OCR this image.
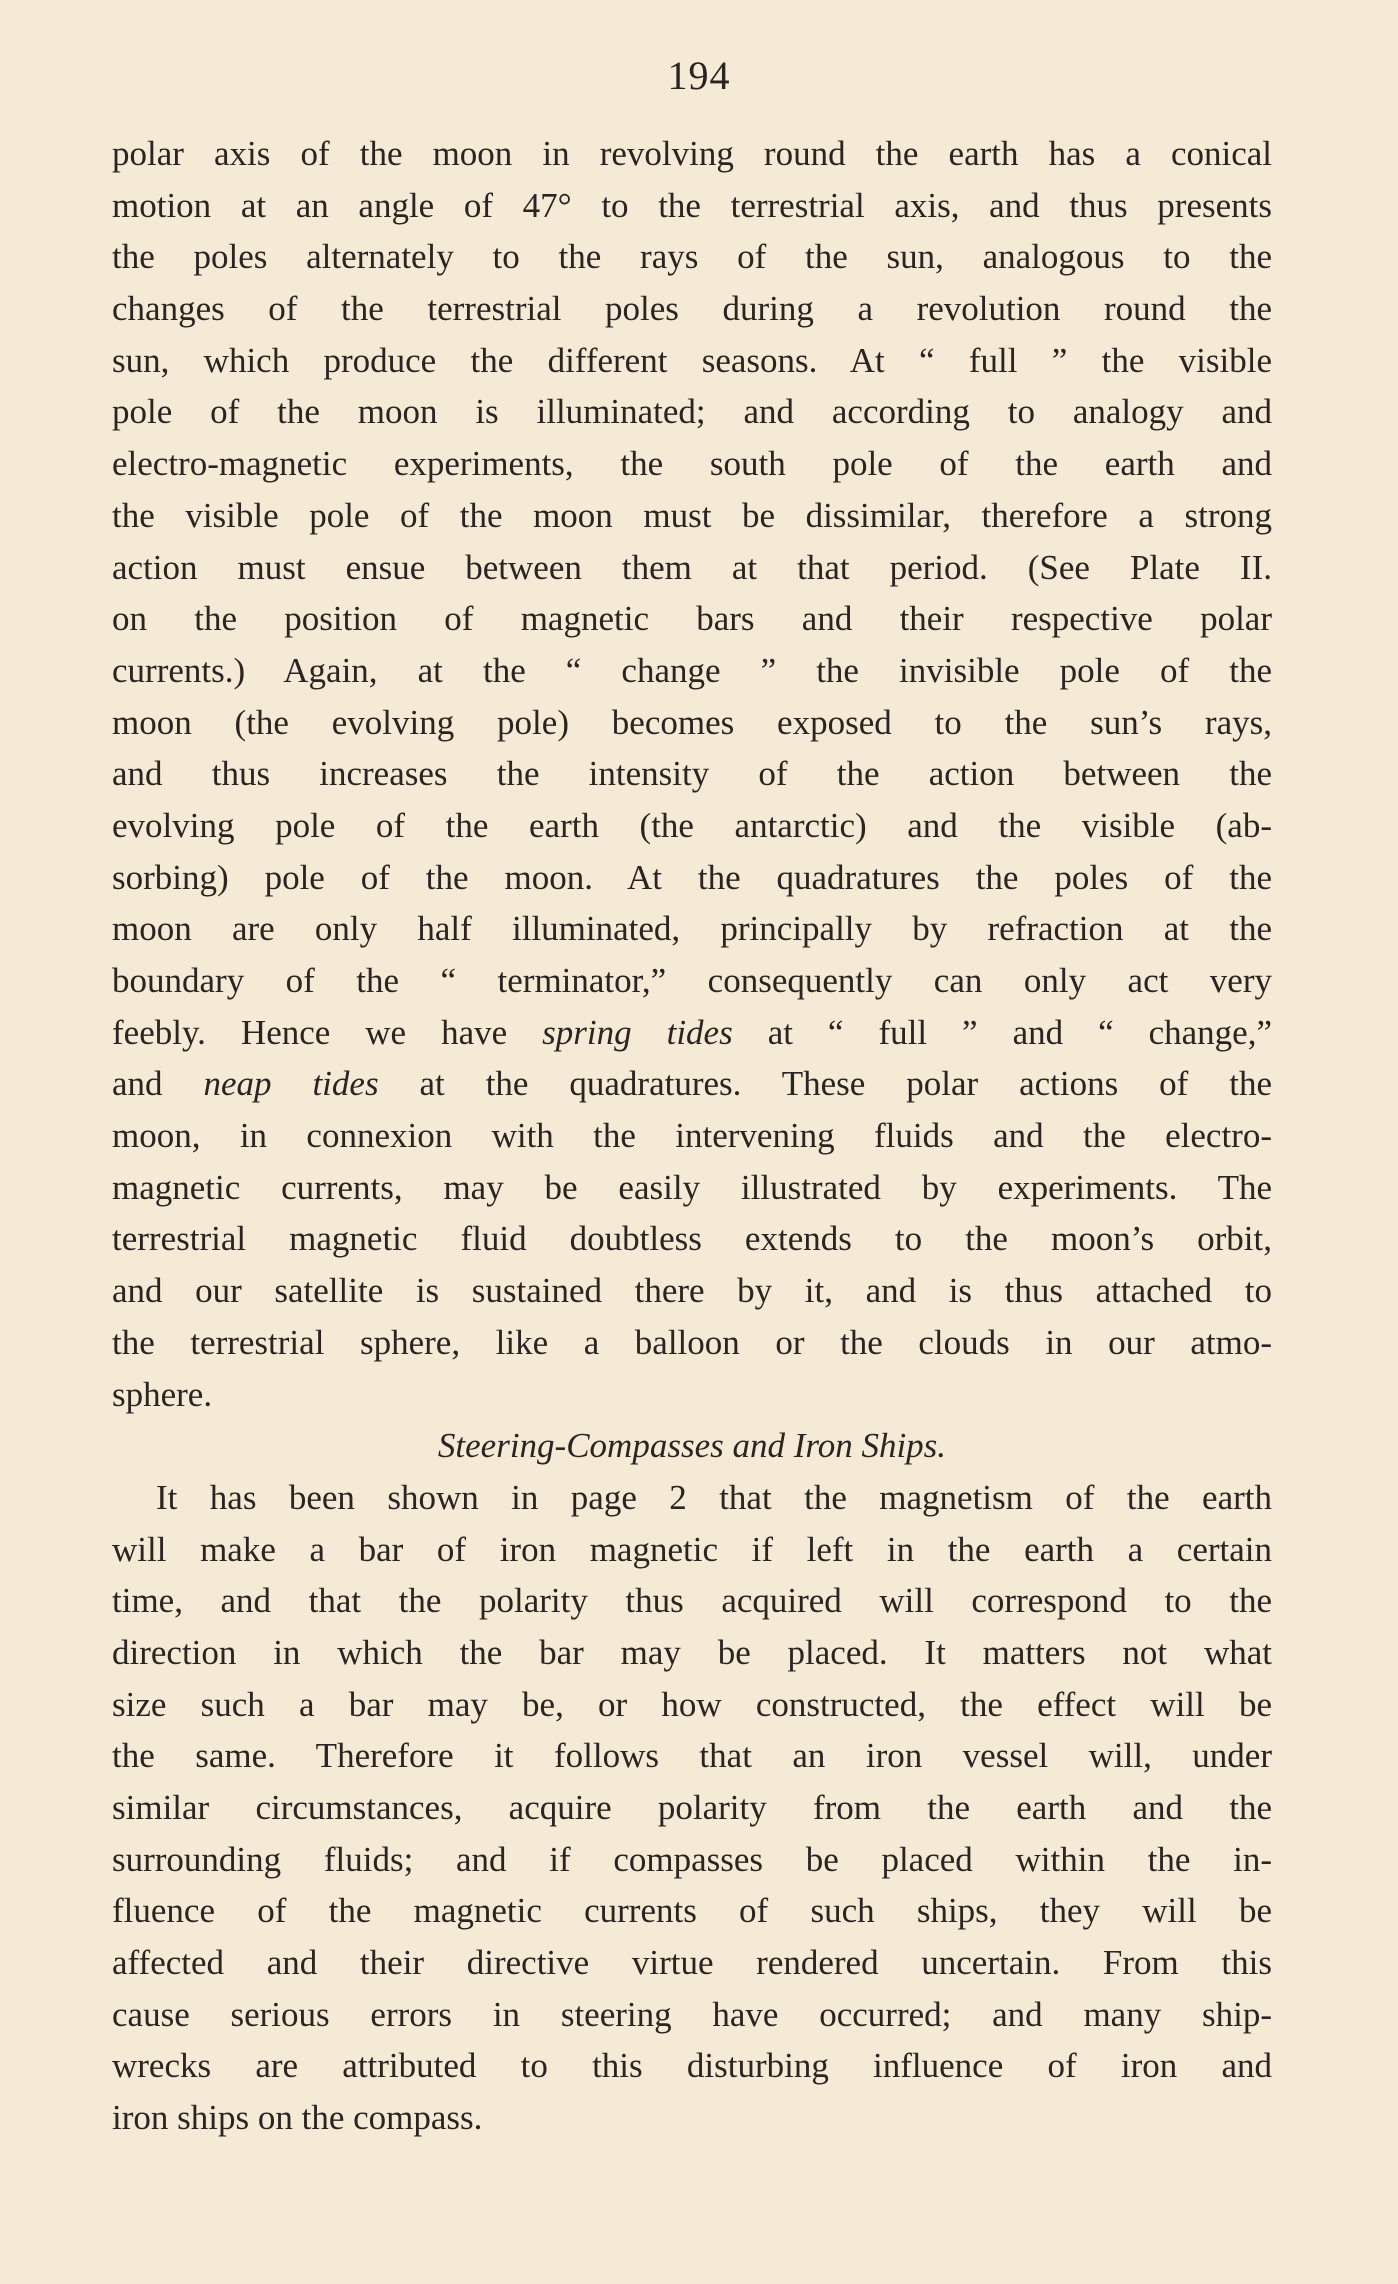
194
polar axis of the moon in revolving round the earth has a conical
motion at an angle of 47° to the terrestrial axis, and thus presents
the poles alternately to the rays of the sun, analogous to the
changes of the terrestrial poles during a revolution round the
sun, which produce the different seasons. At “ full ” the visible
pole of the moon is illuminated; and according to analogy and
electro-magnetic experiments, the south pole of the earth and
the visible pole of the moon must be dissimilar, therefore a strong
action must ensue between them at that period. (See Plate II.
on the position of magnetic bars and their respective polar
currents.) Again, at the “ change ” the invisible pole of the
moon (the evolving pole) becomes exposed to the sun’s rays,
and thus increases the intensity of the action between the
evolving pole of the earth (the antarctic) and the visible (ab-
sorbing) pole of the moon. At the quadratures the poles of the
moon are only half illuminated, principally by refraction at the
boundary of the “ terminator,” consequently can only act very
feebly. Hence we have spring tides at “ full ” and “ change,”
and neap tides at the quadratures. These polar actions of the
moon, in connexion with the intervening fluids and the electro-
magnetic currents, may be easily illustrated by experiments. The
terrestrial magnetic fluid doubtless extends to the moon’s orbit,
and our satellite is sustained there by it, and is thus attached to
the terrestrial sphere, like a balloon or the clouds in our atmo-
sphere.
Steering-Compasses and Iron Ships.
It has been shown in page 2 that the magnetism of the earth
will make a bar of iron magnetic if left in the earth a certain
time, and that the polarity thus acquired will correspond to the
direction in which the bar may be placed. It matters not what
size such a bar may be, or how constructed, the effect will be
the same. Therefore it follows that an iron vessel will, under
similar circumstances, acquire polarity from the earth and the
surrounding fluids; and if compasses be placed within the in-
fluence of the magnetic currents of such ships, they will be
affected and their directive virtue rendered uncertain. From this
cause serious errors in steering have occurred; and many ship-
wrecks are attributed to this disturbing influence of iron and
iron ships on the compass.
